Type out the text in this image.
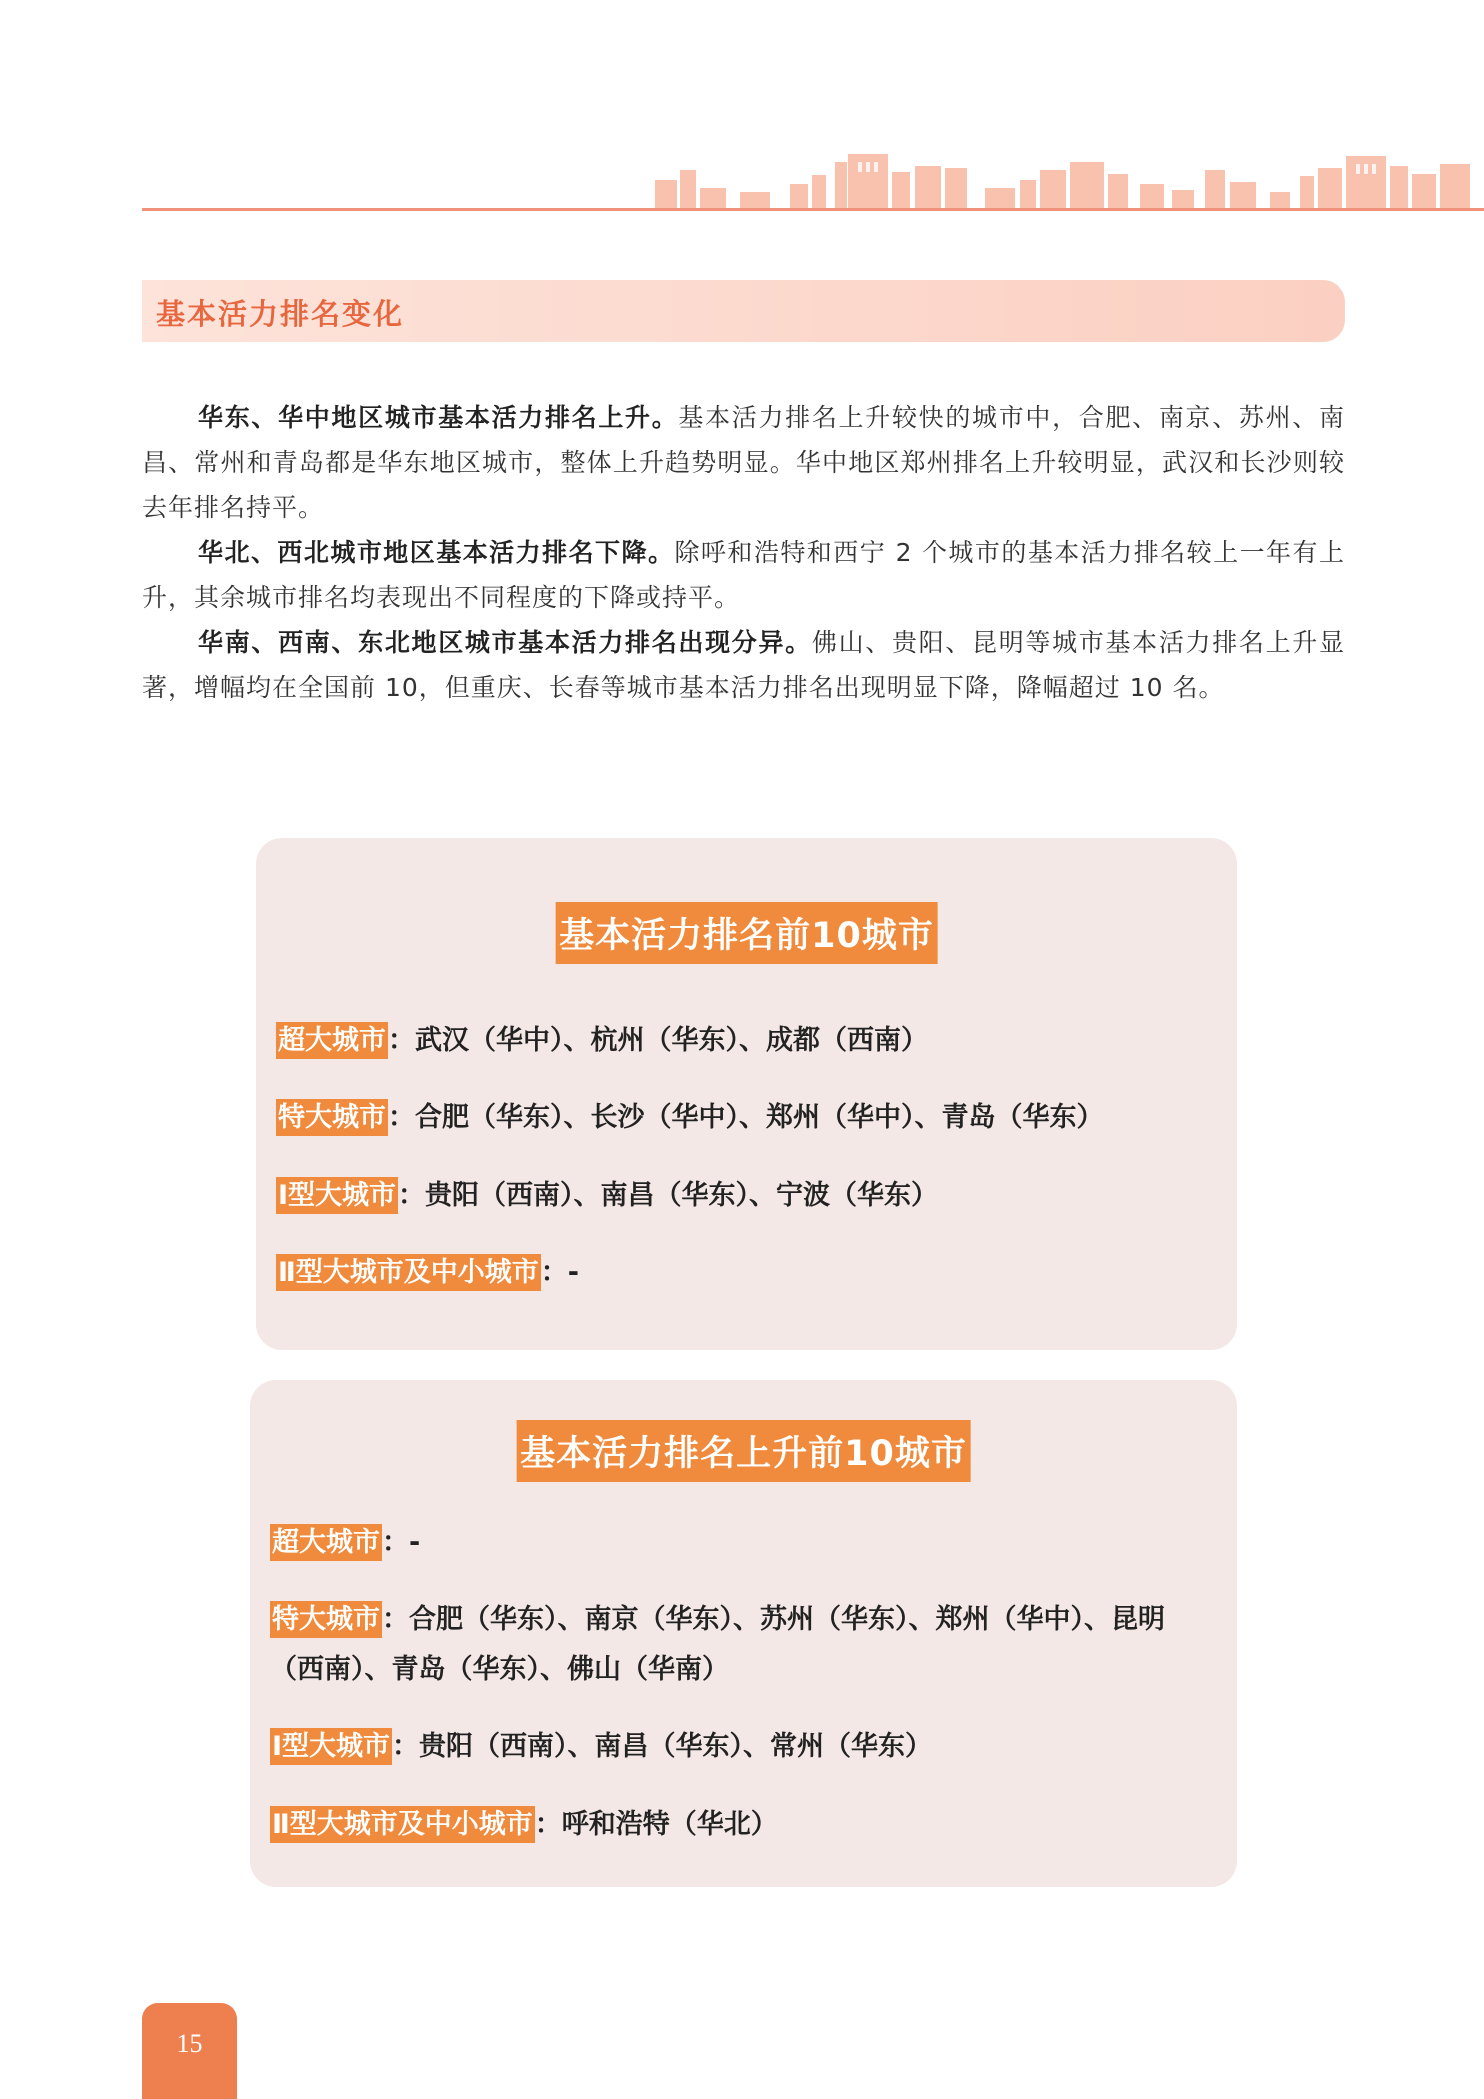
基本活力排名变化

华东、华中地区城市基本活力排名上升。基本活力排名上升较快的城市中，合肥、南京、苏州、南昌、常州和青岛都是华东地区城市，整体上升趋势明显。华中地区郑州排名上升较明显，武汉和长沙则较去年排名持平。

华北、西北城市地区基本活力排名下降。除呼和浩特和西宁 2 个城市的基本活力排名较上一年有上升，其余城市排名均表现出不同程度的下降或持平。

华南、西南、东北地区城市基本活力排名出现分异。佛山、贵阳、昆明等城市基本活力排名上升显著，增幅均在全国前 10，但重庆、长春等城市基本活力排名出现明显下降，降幅超过 10 名。

基本活力排名前10城市
超大城市：武汉（华中）、杭州（华东）、成都（西南）
特大城市：合肥（华东）、长沙（华中）、郑州（华中）、青岛（华东）
Ⅰ型大城市：贵阳（西南）、南昌（华东）、宁波（华东）
Ⅱ型大城市及中小城市：-
基本活力排名上升前10城市
超大城市：-
特大城市：合肥（华东）、南京（华东）、苏州（华东）、郑州（华中）、昆明（西南）、青岛（华东）、佛山（华南）
Ⅰ型大城市：贵阳（西南）、南昌（华东）、常州（华东）
Ⅱ型大城市及中小城市：呼和浩特（华北）
15
